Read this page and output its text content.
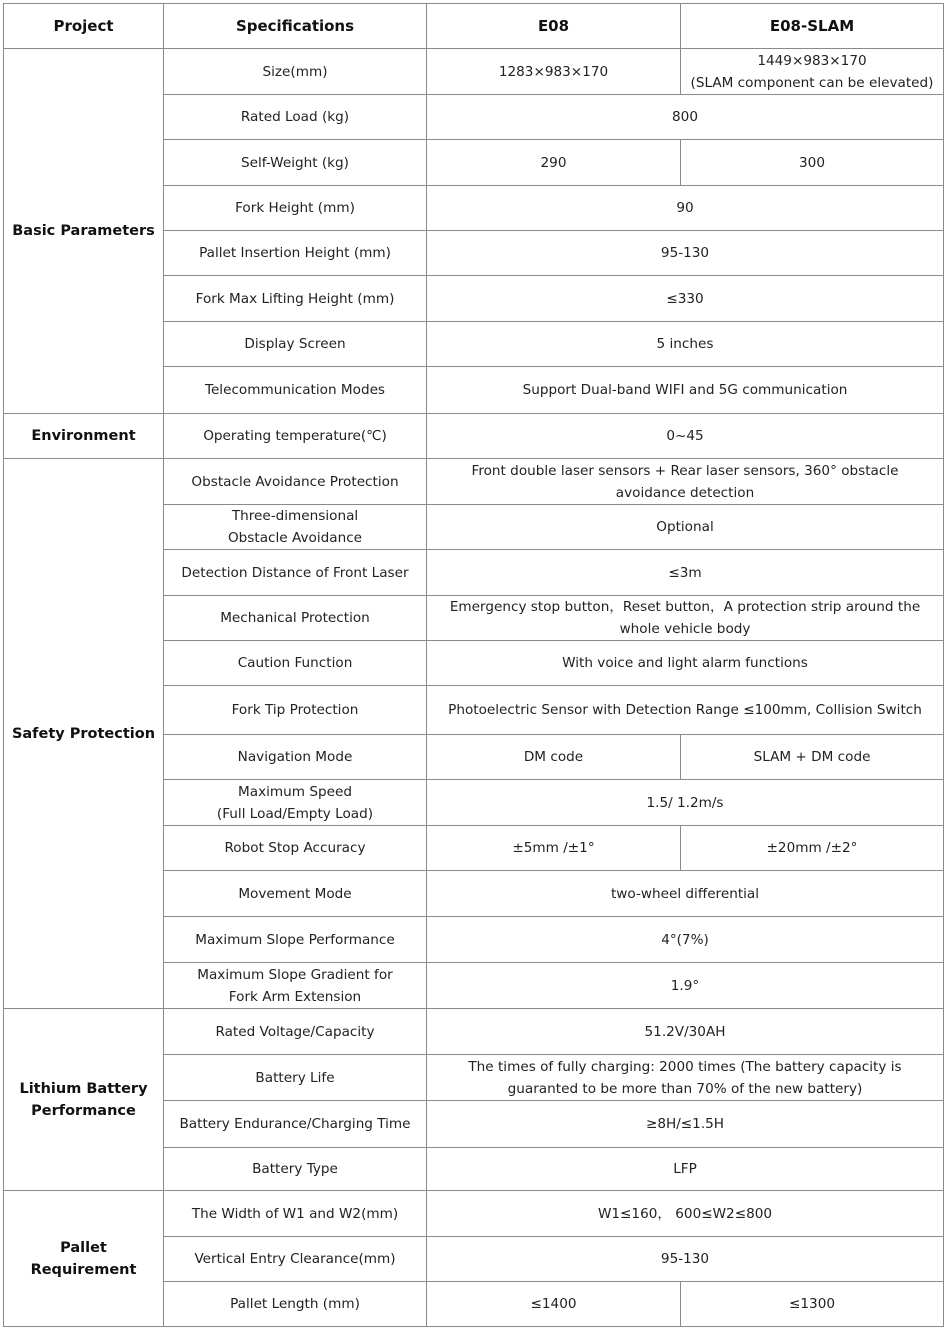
Project	Specifications	E08	E08-SLAM

Basic Parameters	Size(mm)	1283×983×170	1449×983×170
(SLAM component can be elevated)

	Rated Load (kg)	800	

	Self-Weight (kg)	290	300

	Fork Height (mm)	90	

	Pallet Insertion Height (mm)	95-130	

	Fork Max Lifting Height (mm)	≤330	

	Display Screen	5 inches	

	Telecommunication Modes	Support Dual-band WIFI and 5G communication	

Environment	Operating temperature(℃)	0~45	

Safety Protection	Obstacle Avoidance Protection	Front double laser sensors + Rear laser sensors, 360° obstacle
avoidance detection	

	Three-dimensional
Obstacle Avoidance	Optional	

	Detection Distance of Front Laser	≤3m	

	Mechanical Protection	Emergency stop button，Reset button，A protection strip around the
whole vehicle body	

	Caution Function	With voice and light alarm functions	

	Fork Tip Protection	Photoelectric Sensor with Detection Range ≤100mm, Collision Switch	

	Navigation Mode	DM code	SLAM + DM code

	Maximum Speed
(Full Load/Empty Load)	1.5/ 1.2m/s	

	Robot Stop Accuracy	±5mm /±1°	±20mm /±2°

	Movement Mode	two-wheel differential	

	Maximum Slope Performance	4°(7%)	

	Maximum Slope Gradient for
Fork Arm Extension	1.9°	

Lithium Battery
Performance	Rated Voltage/Capacity	51.2V/30AH	

	Battery Life	The times of fully charging: 2000 times (The battery capacity is
guaranted to be more than 70% of the new battery)	

	Battery Endurance/Charging Time	≥8H/≤1.5H	

	Battery Type	LFP	

Pallet
Requirement	The Width of W1 and W2(mm)	W1≤160， 600≤W2≤800	

	Vertical Entry Clearance(mm)	95-130	

	Pallet Length (mm)	≤1400	≤1300
